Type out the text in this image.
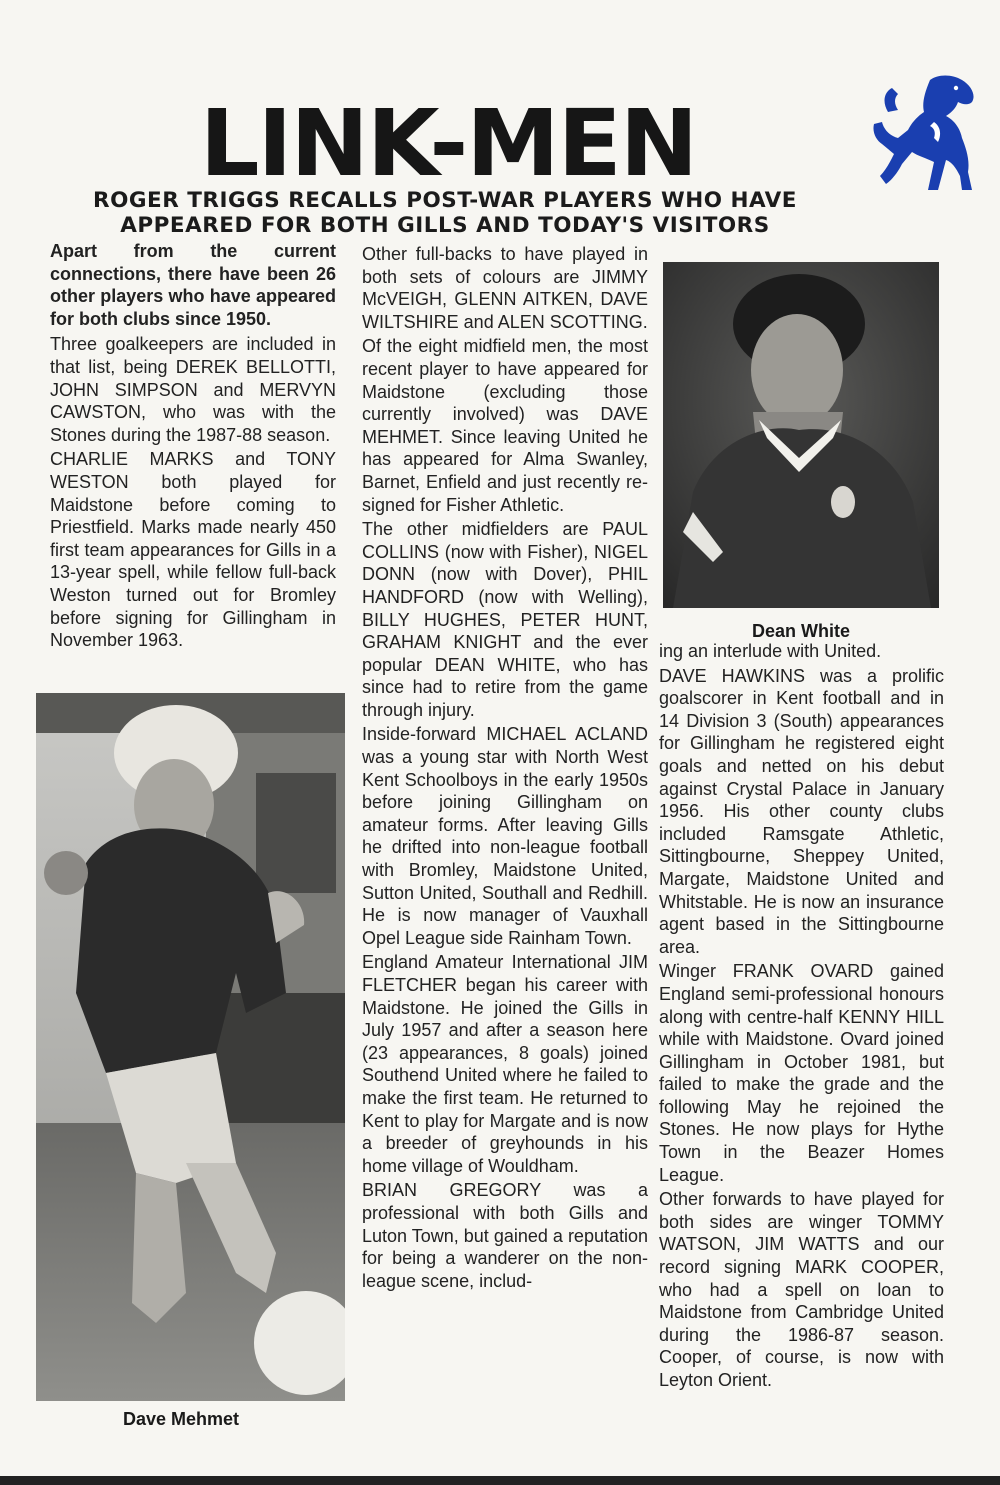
LINK-MEN
ROGER TRIGGS RECALLS POST-WAR PLAYERS WHO HAVE
APPEARED FOR BOTH GILLS AND TODAY'S VISITORS

Apart from the current connections, there have been 26 other players who have appeared for both clubs since 1950.

Three goalkeepers are included in that list, being DEREK BELLOTTI, JOHN SIMPSON and MERVYN CAWSTON, who was with the Stones during the 1987-88 season.

CHARLIE MARKS and TONY WESTON both played for Maidstone before coming to Priestfield. Marks made nearly 450 first team appearances for Gills in a 13-year spell, while fellow full-back Weston turned out for Bromley before signing for Gillingham in November 1963.

Dave Mehmet

Other full-backs to have played in both sets of colours are JIMMY McVEIGH, GLENN AITKEN, DAVE WILTSHIRE and ALEN SCOTTING.

Of the eight midfield men, the most recent player to have appeared for Maidstone (excluding those currently involved) was DAVE MEHMET. Since leaving United he has appeared for Alma Swanley, Barnet, Enfield and just recently re-signed for Fisher Athletic.

The other midfielders are PAUL COLLINS (now with Fisher), NIGEL DONN (now with Dover), PHIL HANDFORD (now with Welling), BILLY HUGHES, PETER HUNT, GRAHAM KNIGHT and the ever popular DEAN WHITE, who has since had to retire from the game through injury.

Inside-forward MICHAEL ACLAND was a young star with North West Kent Schoolboys in the early 1950s before joining Gillingham on amateur forms. After leaving Gills he drifted into non-league football with Bromley, Maidstone United, Sutton United, Southall and Redhill. He is now manager of Vauxhall Opel League side Rainham Town.

England Amateur International JIM FLETCHER began his career with Maidstone. He joined the Gills in July 1957 and after a season here (23 appearances, 8 goals) joined Southend United where he failed to make the first team. He returned to Kent to play for Margate and is now a breeder of greyhounds in his home village of Wouldham.

BRIAN GREGORY was a professional with both Gills and Luton Town, but gained a reputation for being a wanderer on the non-league scene, includ-

Dean White

ing an interlude with United.

DAVE HAWKINS was a prolific goalscorer in Kent football and in 14 Division 3 (South) appearances for Gillingham he registered eight goals and netted on his debut against Crystal Palace in January 1956. His other county clubs included Ramsgate Athletic, Sittingbourne, Sheppey United, Margate, Maidstone United and Whitstable. He is now an insurance agent based in the Sittingbourne area.

Winger FRANK OVARD gained England semi-professional honours along with centre-half KENNY HILL while with Maidstone. Ovard joined Gillingham in October 1981, but failed to make the grade and the following May he rejoined the Stones. He now plays for Hythe Town in the Beazer Homes League.

Other forwards to have played for both sides are winger TOMMY WATSON, JIM WATTS and our record signing MARK COOPER, who had a spell on loan to Maidstone from Cambridge United during the 1986-87 season. Cooper, of course, is now with Leyton Orient.
